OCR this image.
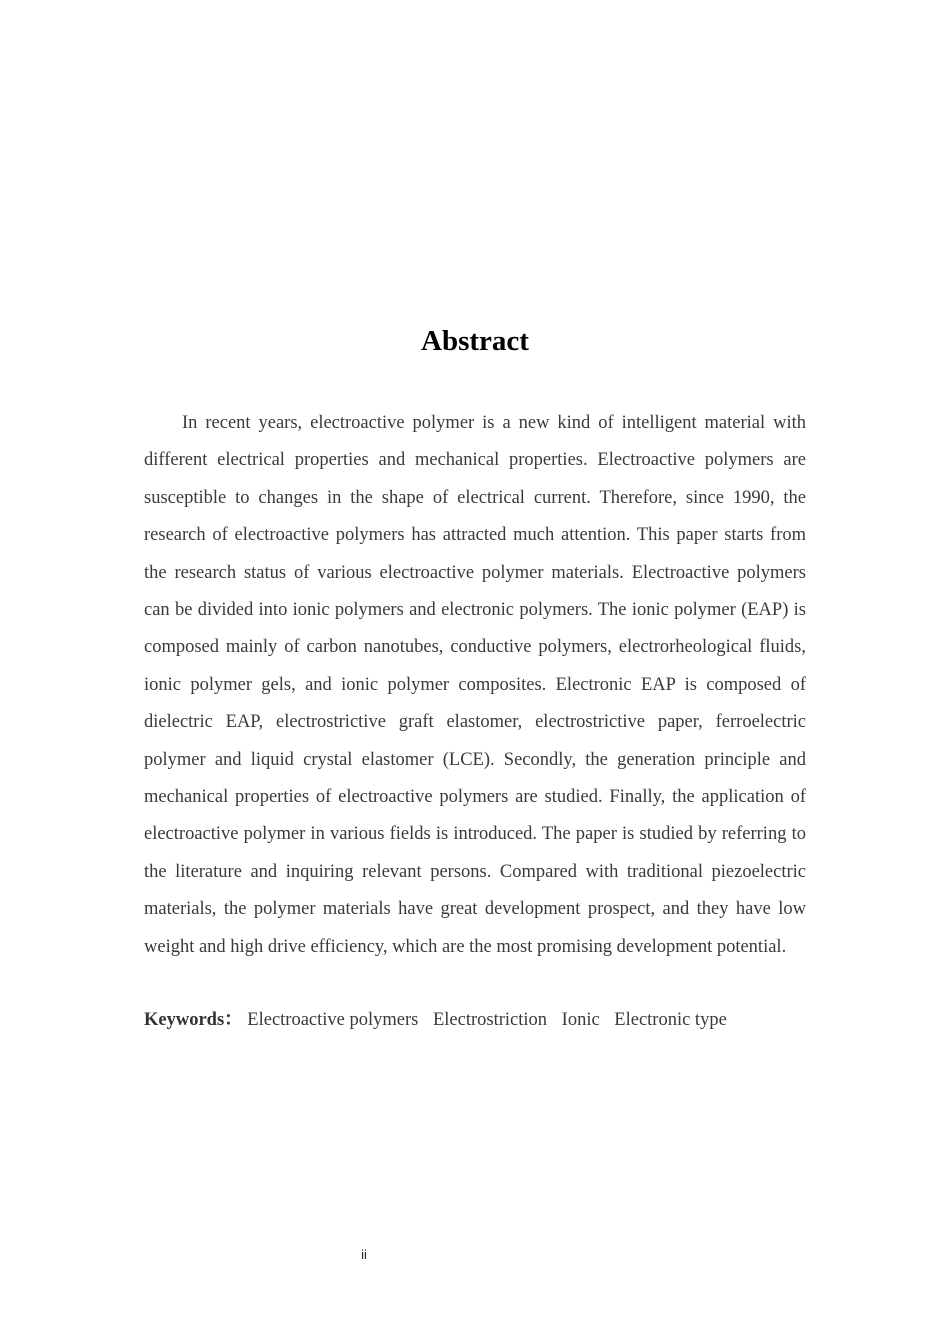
Abstract

In recent years, electroactive polymer is a new kind of intelligent material with different electrical properties and mechanical properties. Electroactive polymers are susceptible to changes in the shape of electrical current. Therefore, since 1990, the research of electroactive polymers has attracted much attention. This paper starts from the research status of various electroactive polymer materials. Electroactive polymers can be divided into ionic polymers and electronic polymers. The ionic polymer (EAP) is composed mainly of carbon nanotubes, conductive polymers, electrorheological fluids, ionic polymer gels, and ionic polymer composites. Electronic EAP is composed of dielectric EAP, electrostrictive graft elastomer, electrostrictive paper, ferroelectric polymer and liquid crystal elastomer (LCE). Secondly, the generation principle and mechanical properties of electroactive polymers are studied. Finally, the application of electroactive polymer in various fields is introduced. The paper is studied by referring to the literature and inquiring relevant persons. Compared with traditional piezoelectric materials, the polymer materials have great development prospect, and they have low weight and high drive efficiency, which are the most promising development potential.

Keywords： Electroactive polymers Electrostriction Ionic Electronic type

ii
